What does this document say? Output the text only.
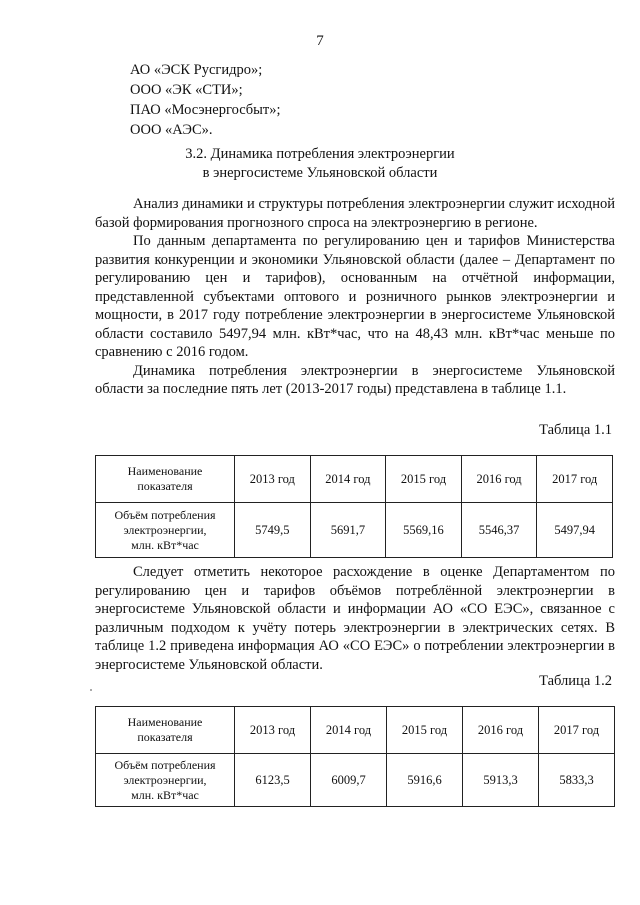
7
АО «ЭСК Русгидро»;
ООО «ЭК «СТИ»;
ПАО «Мосэнергосбыт»;
ООО «АЭС».
3.2. Динамика потребления электроэнергии
в энергосистеме Ульяновской области

Анализ динамики и структуры потребления электроэнергии служит исходной базой формирования прогнозного спроса на электроэнергию в регионе.

По данным департамента по регулированию цен и тарифов Министерства развития конкуренции и экономики Ульяновской области (далее – Департамент по регулированию цен и тарифов), основанным на отчётной информации, представленной субъектами оптового и розничного рынков электроэнергии и мощности, в 2017 году потребление электроэнергии в энергосистеме Ульяновской области составило 5497,94 млн. кВт*час, что на 48,43 млн. кВт*час меньше по сравнению с 2016 годом.

Динамика потребления электроэнергии в энергосистеме Ульяновской области за последние пять лет (2013-2017 годы) представлена в таблице 1.1.

Таблица 1.1
Наименование
показателя	2013 год	2014 год	2015 год	2016 год	2017 год

Объём потребления
электроэнергии,
млн. кВт*час	5749,5	5691,7	5569,16	5546,37	5497,94

Следует отметить некоторое расхождение в оценке Департаментом по регулированию цен и тарифов объёмов потреблённой электроэнергии в энергосистеме Ульяновской области и информации АО «СО ЕЭС», связанное с различным подходом к учёту потерь электроэнергии в электрических сетях. В таблице 1.2 приведена информация АО «СО ЕЭС» о потреблении электроэнергии в энергосистеме Ульяновской области.

Таблица 1.2
Наименование
показателя	2013 год	2014 год	2015 год	2016 год	2017 год

Объём потребления
электроэнергии,
млн. кВт*час	6123,5	6009,7	5916,6	5913,3	5833,3
